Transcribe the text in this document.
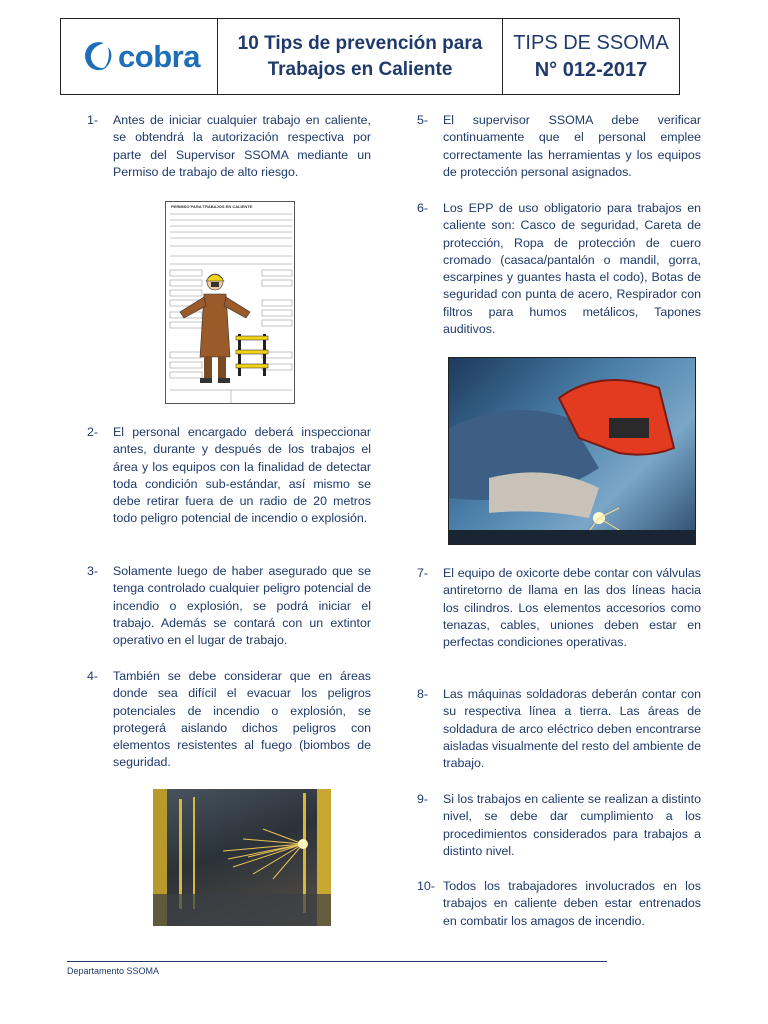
cobra 10 Tips de prevención para
Trabajos en Caliente
TIPS DE SSOMA
N° 012-2017
1-	Antes de iniciar cualquier trabajo en caliente, se obtendrá la autorización respectiva por parte del Supervisor SSOMA mediante un Permiso de trabajo de alto riesgo.
PERMISO PARA TRABAJOS EN CALIENTE
2-	El personal encargado deberá inspeccionar antes, durante y después de los trabajos el área y los equipos con la finalidad de detectar toda condición sub-estándar, así mismo se debe retirar fuera de un radio de 20 metros todo peligro potencial de incendio o explosión.
3-	Solamente luego de haber asegurado que se tenga controlado cualquier peligro potencial de incendio o explosión, se podrá iniciar el trabajo. Además se contará con un extintor operativo en el lugar de trabajo.
4-	También se debe considerar que en áreas donde sea difícil el evacuar los peligros potenciales de incendio o explosión, se protegerá aislando dichos peligros con elementos resistentes al fuego (biombos de seguridad.
5-	El supervisor SSOMA debe verificar continuamente que el personal emplee correctamente las herramientas y los equipos de protección personal asignados.
6-	Los EPP de uso obligatorio para trabajos en caliente son: Casco de seguridad, Careta de protección, Ropa de protección de cuero cromado (casaca/pantalón o mandil, gorra, escarpines y guantes hasta el codo), Botas de seguridad con punta de acero, Respirador con filtros para humos metálicos, Tapones auditivos.
7-	El equipo de oxicorte debe contar con válvulas antiretorno de llama en las dos líneas hacia los cilindros. Los elementos accesorios como tenazas, cables, uniones deben estar en perfectas condiciones operativas.
8-	Las máquinas soldadoras deberán contar con su respectiva línea a tierra. Las áreas de soldadura de arco eléctrico deben encontrarse aisladas visualmente del resto del ambiente de trabajo.
9-	Si los trabajos en caliente se realizan a distinto nivel, se debe dar cumplimiento a los procedimientos considerados para trabajos a distinto nivel.
10- Todos los trabajadores involucrados en los trabajos en caliente deben estar entrenados en combatir los amagos de incendio.
Departamento SSOMA
